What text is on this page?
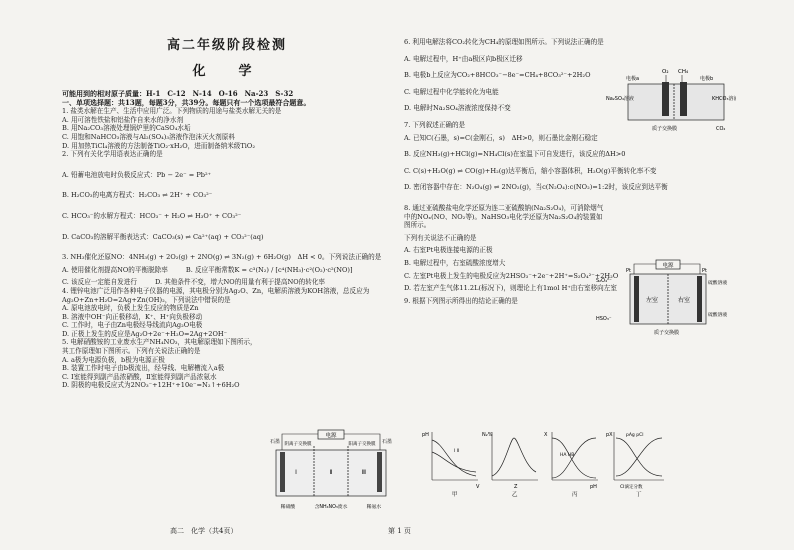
高二年级阶段检测
化　学
可能用到的相对原子质量：H-1　C-12　N-14　O-16　Na-23　S-32
一、单项选择题：共13题，每题3分，共39分。每题只有一个选项最符合题意。
1. 盐类水解在生产、生活中应用广泛。下列物质的用途与盐类水解无关的是
A. 用可溶性铁盐和铝盐作自来水的净水剂
B. 用Na₂CO₃溶液处理锅炉里的CaSO₄水垢
C. 用饱和NaHCO₃溶液与Al₂(SO₄)₃溶液作泡沫灭火剂原料
D. 用加热TiCl₄溶液的方法制备TiO₂·xH₂O，进而制备纳米级TiO₂
2. 下列有关化学用语表达正确的是
A. 铅蓄电池放电时负极反应式：Pb − 2e⁻ = Pb²⁺
B. H₂CO₃的电离方程式：H₂CO₃ ⇌ 2H⁺ + CO₃²⁻
C. HCO₃⁻的水解方程式：HCO₃⁻ + H₂O ⇌ H₃O⁺ + CO₃²⁻
D. CaCO₃的溶解平衡表达式：CaCO₃(s) ⇌ Ca²⁺(aq) + CO₃²⁻(aq)
3. NH₃催化还原NO：4NH₃(g) + 2O₂(g) + 2NO(g) ⇌ 3N₂(g) + 6H₂O(g)　ΔH < 0。下列说法正确的是
A. 使用催化剂提高NO的平衡脱除率	B. 反应平衡常数K = c³(N₂) / [c⁴(NH₃)·c²(O₂)·c²(NO)]
C. 该反应一定能自发进行	D. 其他条件不变，增大NO的用量有利于提高NO的转化率
4. 锂锌电池广泛用作各种电子仪器的电源，其电极分别为Ag₂O、Zn，电解质溶液为KOH溶液，总反应为 Ag₂O+Zn+H₂O=2Ag+Zn(OH)₂，下列说法中错误的是
A. 原电池放电时，负极上发生反应的物质是Zn
B. 溶液中OH⁻向正极移动，K⁺、H⁺向负极移动
C. 工作时，电子由Zn电极经导线流向Ag₂O电极
D. 正极上发生的反应是Ag₂O+2e⁻+H₂O=2Ag+2OH⁻
5. 电解硝酸铵的工业废水生产NH₄NO₃，其电解原理如下图所示，其工作原理如下图所示。下列有关说法正确的是
A. a极为电源负极，b极为电源正极
B. 装置工作时电子由b极流出，经导线、电解槽流入a极
C. Ⅰ室能得到副产品浓硝酸，Ⅱ室能得到副产品浓氨水
D. 阴极的电极反应式为2NO₃⁻+12H⁺+10e⁻=N₂↑+6H₂O
电源
石墨	石墨
阴离子交换膜	阳离子交换膜
Ⅰ	Ⅱ	Ⅲ
稀硝酸	含NH₄NO₃废水	稀氨水
6. 利用电解法将CO₂转化为CH₄的原理如图所示。下列说法正确的是
A. 电解过程中，H⁺由a极区向b极区迁移
B. 电极b上反应为CO₂+8HCO₃⁻−8e⁻=CH₄+8CO₃²⁻+2H₂O
C. 电解过程中化学能转化为电能
D. 电解时Na₂SO₄溶液浓度保持不变
7. 下列叙述正确的是
A. 已知C(石墨，s)=C(金刚石，s)　ΔH>0，则石墨比金刚石稳定
B. 反应NH₃(g)+HCl(g)=NH₄Cl(s)在室温下可自发进行，该反应的ΔH>0
C. C(s)+H₂O(g) ⇌ CO(g)+H₂(g)达平衡后，缩小容器体积，H₂O(g)平衡转化率不变
D. 密闭容器中存在：N₂O₄(g) ⇌ 2NO₂(g)，当c(N₂O₄):c(NO₂)=1:2时，该反应到达平衡
8. 通过亚硫酸盐电化学还原为连二亚硫酸钠(Na₂S₂O₄)，可消除烟气中的NOₓ(NO、NO₂等)。NaHSO₃电化学还原为Na₂S₂O₄的装置如图所示。
下列有关说法不正确的是
A. 右室Pt电极连接电源的正极
B. 电解过程中，右室硫酸浓度增大
C. 左室Pt电极上发生的电极反应为2HSO₃⁻+2e⁻+2H⁺=S₂O₄²⁻+2H₂O
D. 若左室产生气体11.2L(标况下)，则理论上有1mol H⁺由右室移向左室
9. 根据下列图示所得出的结论正确的是
O₂ CH₄
电极a	电极b
Na₂SO₄溶液	KHCO₃溶液
质子交换膜	CO₂
电源
Pt	Pt
左室	右室
S₂O₄²⁻
HSO₃⁻
硫酸溶液
硫酸溶液
质子交换膜
pH
V
Ⅰ Ⅱ
甲
N₂%
Z
乙
X
pH
HA HB
丙
pX
CI滴定分数
pAg pCl
丁
高二　化学（共4页）	第 1 页
